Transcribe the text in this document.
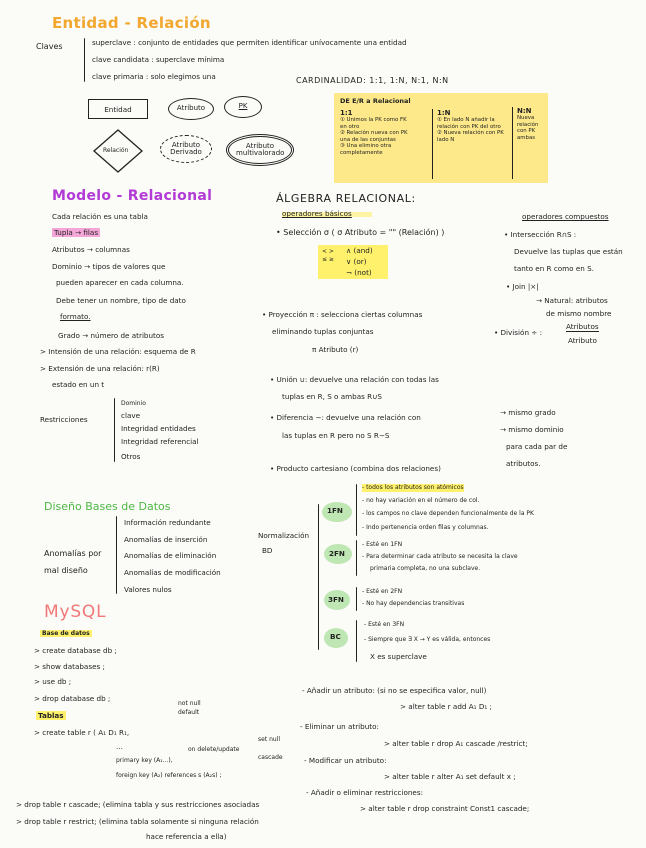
Entidad - Relación
Claves	superclave : conjunto de entidades que permiten identificar unívocamente una entidad
clave candidata : superclave mínima
clave primaria : solo elegimos una	CARDINALIDAD: 1:1, 1:N, N:1, N:N
Entidad	Atributo	PK
Relación
Atributo Derivado
Atributo multivalorado
DE E/R a Relacional
1:1
① Unimos la PK como FK en otro
② Relación nueva con PK una de las conjuntas
③ Una elimino otra completamente
1:N
① En lado N añadir la relación con PK del otro
② Nueva relación con PK lado N
N:N
Nueva relación con PK ambas
Modelo - Relacional
Cada relación es una tabla
Tupla → filas
Atributos → columnas
Dominio → tipos de valores que
pueden aparecer en cada columna.
Debe tener un nombre, tipo de dato
formato.
Grado → número de atributos
> Intensión de una relación: esquema de R
> Extensión de una relación: r(R)
estado en un t
Restricciones
Dominio
clave
Integridad entidades
Integridad referencial
Otros
ÁLGEBRA RELACIONAL:
operadores básicos	operadores compuestos
• Selección σ ( σ Atributo = "" (Relación) )
< > ≤ ≥
∧ (and)
∨ (or)
¬ (not)
• Proyección π : selecciona ciertas columnas
eliminando tuplas conjuntas
π Atributo (r)
• Unión ∪: devuelve una relación con todas las
tuplas en R, S o ambas R∪S
• Diferencia −: devuelve una relación con
las tuplas en R pero no S R−S
• Producto cartesiano (combina dos relaciones)
→ mismo grado
→ mismo dominio
para cada par de
atributos.
• Intersección R∩S :
Devuelve las tuplas que están
tanto en R como en S.
• Join |×|
→ Natural: atributos
de mismo nombre
• División ÷ :
Atributos
Atributo
Diseño Bases de Datos
Anomalías por
mal diseño
Información redundante
Anomalías de inserción
Anomalías de eliminación
Anomalías de modificación
Valores nulos
Normalización
BD
1FN
- todos los atributos son atómicos
- no hay variación en el número de col.
- los campos no clave dependen funcionalmente de la PK
- Indo pertenencia orden filas y columnas.
2FN
- Esté en 1FN
- Para determinar cada atributo se necesita la clave
primaria completa, no una subclave.
3FN
- Esté en 2FN
- No hay dependencias transitivas
BC
- Esté en 3FN
- Siempre que ∃ X → Y es válida, entonces
X es superclave
MySQL
Base de datos
> create database db ;
> show databases ;
> use db ;
> drop database db ;
Tablas
> create table r ( A₁ D₁ R₁,
not null
default
...
primary key (A₁...),
foreign key (A₂) references s (A₂s) ;
on delete/update
set null
cascade
> drop table r cascade; (elimina tabla y sus restricciones asociadas
> drop table r restrict; (elimina tabla solamente si ninguna relación
hace referencia a ella)
- Añadir un atributo: (si no se especifica valor, null)
> alter table r add A₁ D₁ ;
- Eliminar un atributo:
> alter table r drop A₁ cascade /restrict;
- Modificar un atributo:
> alter table r alter A₁ set default x ;
- Añadir o eliminar restricciones:
> alter table r drop constraint Const1 cascade;
